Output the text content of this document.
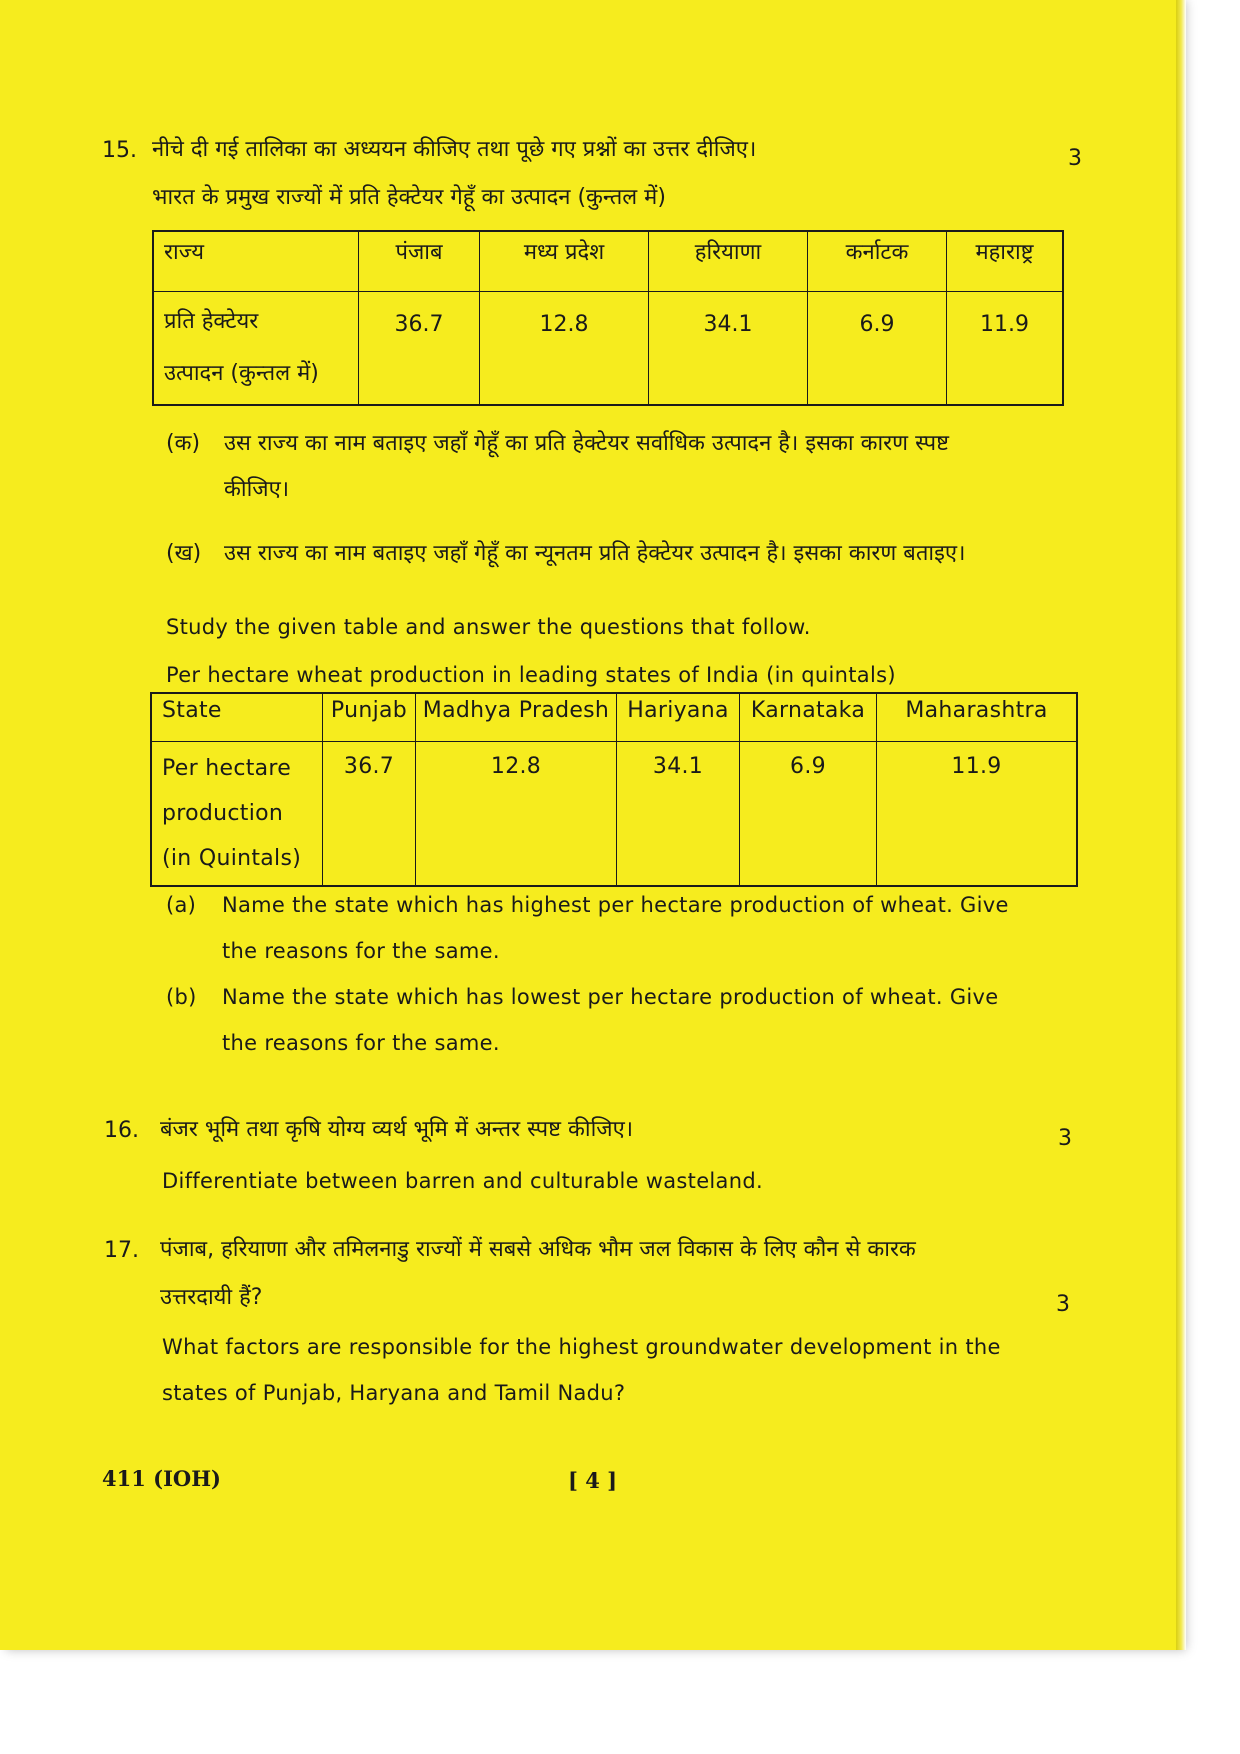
15. नीचे दी गई तालिका का अध्ययन कीजिए तथा पूछे गए प्रश्नों का उत्तर दीजिए।	3
भारत के प्रमुख राज्यों में प्रति हेक्टेयर गेहूँ का उत्पादन (कुन्तल में)
राज्य	पंजाब	मध्य प्रदेश	हरियाणा	कर्नाटक	महाराष्ट्र

प्रति हेक्टेयर
उत्पादन (कुन्तल में)	36.7	12.8	34.1	6.9	11.9
(क) उस राज्य का नाम बताइए जहाँ गेहूँ का प्रति हेक्टेयर सर्वाधिक उत्पादन है। इसका कारण स्पष्ट
कीजिए।
(ख) उस राज्य का नाम बताइए जहाँ गेहूँ का न्यूनतम प्रति हेक्टेयर उत्पादन है। इसका कारण बताइए।
Study the given table and answer the questions that follow.
Per hectare wheat production in leading states of India (in quintals)
State	Punjab	Madhya Pradesh	Hariyana	Karnataka	Maharashtra

Per hectare
production
(in Quintals)	36.7	12.8	34.1	6.9	11.9
(a) Name the state which has highest per hectare production of wheat. Give
the reasons for the same.
(b) Name the state which has lowest per hectare production of wheat. Give
the reasons for the same.
16. बंजर भूमि तथा कृषि योग्य व्यर्थ भूमि में अन्तर स्पष्ट कीजिए।	3
Differentiate between barren and culturable wasteland.
17. पंजाब, हरियाणा और तमिलनाडु राज्यों में सबसे अधिक भौम जल विकास के लिए कौन से कारक
उत्तरदायी हैं?	3
What factors are responsible for the highest groundwater development in the
states of Punjab, Haryana and Tamil Nadu?
411 (IOH)	[ 4 ]
